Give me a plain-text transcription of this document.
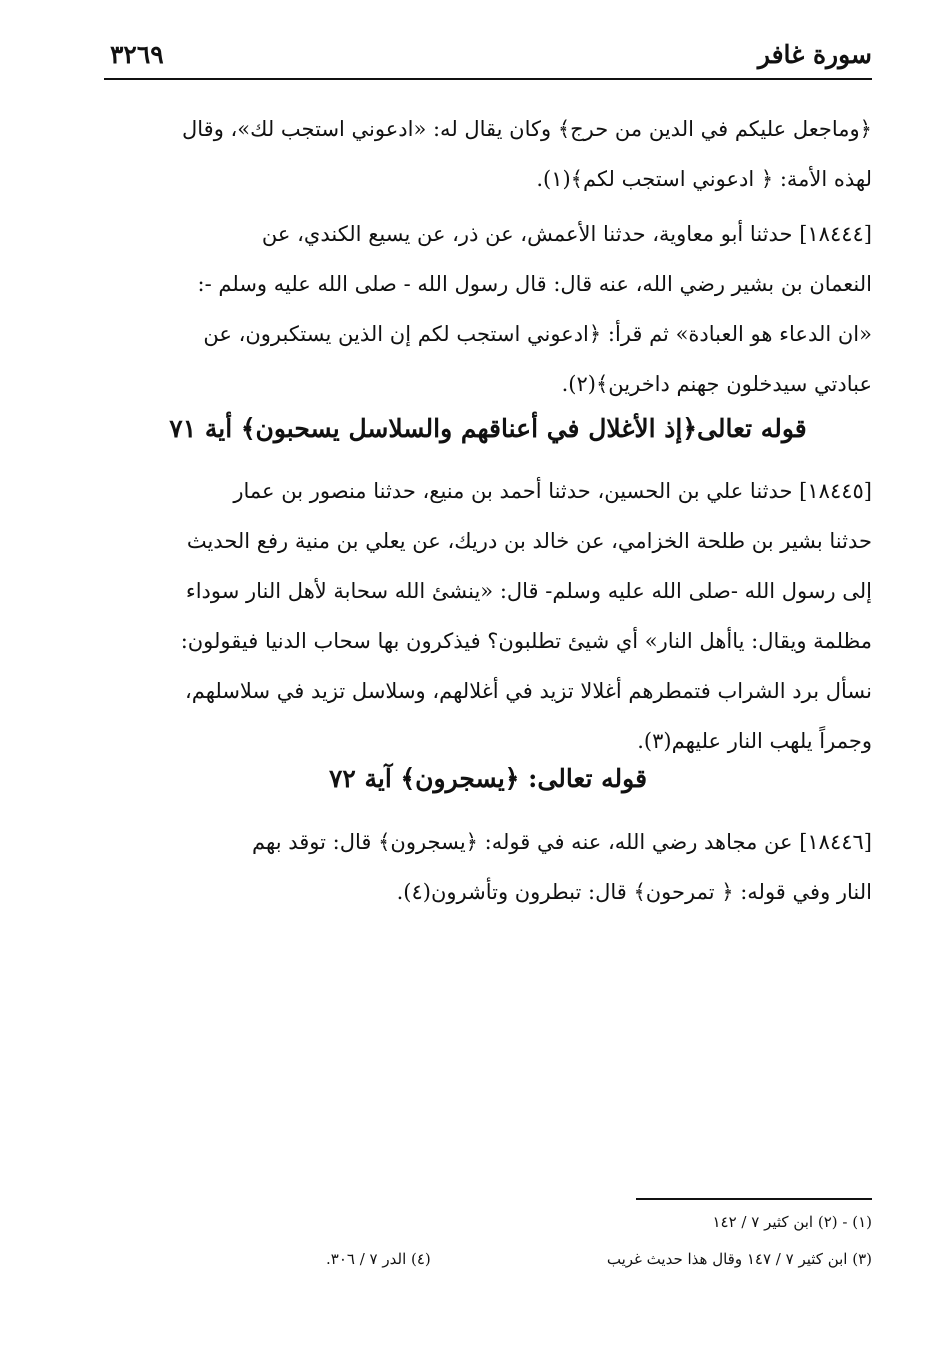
سورة غافر
٣٢٦٩
﴿وماجعل عليكم في الدين من حرج﴾ وكان يقال له: «ادعوني استجب لك»، وقال
لهذه الأمة: ﴿ ادعوني استجب لكم﴾(١).
[١٨٤٤٤] حدثنا أبو معاوية، حدثنا الأعمش، عن ذر، عن يسيع الكندي، عن
النعمان بن بشير رضي الله، عنه قال: قال رسول الله - صلى الله عليه وسلم -:
«ان الدعاء هو العبادة» ثم قرأ: ﴿ادعوني استجب لكم إن الذين يستكبرون، عن
عبادتي سيدخلون جهنم داخرين﴾(٢).
قوله تعالى﴿إذ الأغلال في أعناقهم والسلاسل يسحبون﴾ أية ٧١
[١٨٤٤٥] حدثنا علي بن الحسين، حدثنا أحمد بن منيع، حدثنا منصور بن عمار
حدثنا بشير بن طلحة الخزامي، عن خالد بن دريك، عن يعلي بن منية رفع الحديث
إلى رسول الله -صلى الله عليه وسلم- قال: «ينشئ الله سحابة لأهل النار سوداء
مظلمة ويقال: ياأهل النار» أي شيئ تطلبون؟ فيذكرون بها سحاب الدنيا فيقولون:
نسأل برد الشراب فتمطرهم أغلالا تزيد في أغلالهم، وسلاسل تزيد في سلاسلهم،
وجمراً يلهب النار عليهم(٣).
قوله تعالى: ﴿يسجرون﴾ آية ٧٢
[١٨٤٤٦] عن مجاهد رضي الله، عنه في قوله: ﴿يسجرون﴾ قال: توقد بهم
النار وفي قوله: ﴿ تمرحون﴾ قال: تبطرون وتأشرون(٤).
(١) - (٢) ابن كثير ٧ / ١٤٢
(٣) ابن كثير ٧ / ١٤٧ وقال هذا حديث غريب
(٤) الدر ٧ / ٣٠٦.
